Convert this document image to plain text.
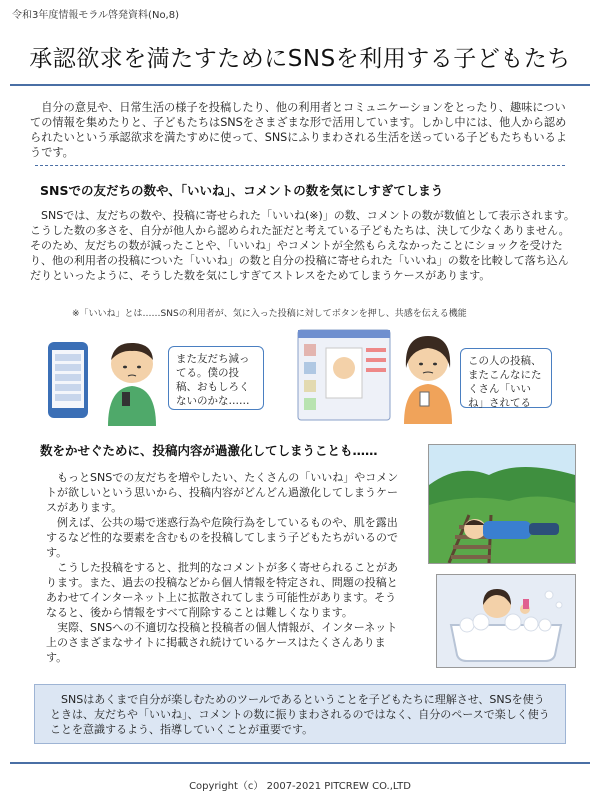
令和3年度情報モラル啓発資料(No,8)
承認欲求を満たすためにSNSを利用する子どもたち
自分の意見や、日常生活の様子を投稿したり、他の利用者とコミュニケーションをとったり、趣味についての情報を集めたりと、子どもたちはSNSをさまざまな形で活用しています。しかし中には、他人から認められたいという承認欲求を満たすめに使って、SNSにふりまわされる生活を送っている子どもたちもいるようです。
SNSでの友だちの数や、「いいね」、コメントの数を気にしすぎてしまう
SNSでは、友だちの数や、投稿に寄せられた「いいね(※)」の数、コメントの数が数値として表示されます。こうした数の多さを、自分が他人から認められた証だと考えている子どもたちは、決して少なくありません。そのため、友だちの数が減ったことや、「いいね」やコメントが全然もらえなかったことにショックを受けたり、他の利用者の投稿についた「いいね」の数と自分の投稿に寄せられた「いいね」の数を比較して落ち込んだりといったように、そうした数を気にしすぎてストレスをためてしまうケースがあります。
※「いいね」とは……SNSの利用者が、気に入った投稿に対してボタンを押し、共感を伝える機能
また友だち減ってる。僕の投稿、おもしろくないのかな……
この人の投稿、またこんなにたくさん「いいね」されてる
数をかせぐために、投稿内容が過激化してしまうことも……

もっとSNSでの友だちを増やしたい、たくさんの「いいね」やコメントが欲しいという思いから、投稿内容がどんどん過激化してしまうケースがあります。

例えば、公共の場で迷惑行為や危険行為をしているものや、肌を露出するなど性的な要素を含むものを投稿してしまう子どもたちがいるのです。

こうした投稿をすると、批判的なコメントが多く寄せられることがあります。また、過去の投稿などから個人情報を特定され、問題の投稿とあわせてインターネット上に拡散されてしまう可能性があります。そうなると、後から情報をすべて削除することは難しくなります。

実際、SNSへの不適切な投稿と投稿者の個人情報が、インターネット上のさまざまなサイトに掲載され続けているケースはたくさんあります。

SNSはあくまで自分が楽しむためのツールであるということを子どもたちに理解させ、SNSを使うときは、友だちや「いいね」、コメントの数に振りまわされるのではなく、自分のペースで楽しく使うことを意識するよう、指導していくことが重要です。
Copyright（c） 2007-2021 PITCREW CO.,LTD
